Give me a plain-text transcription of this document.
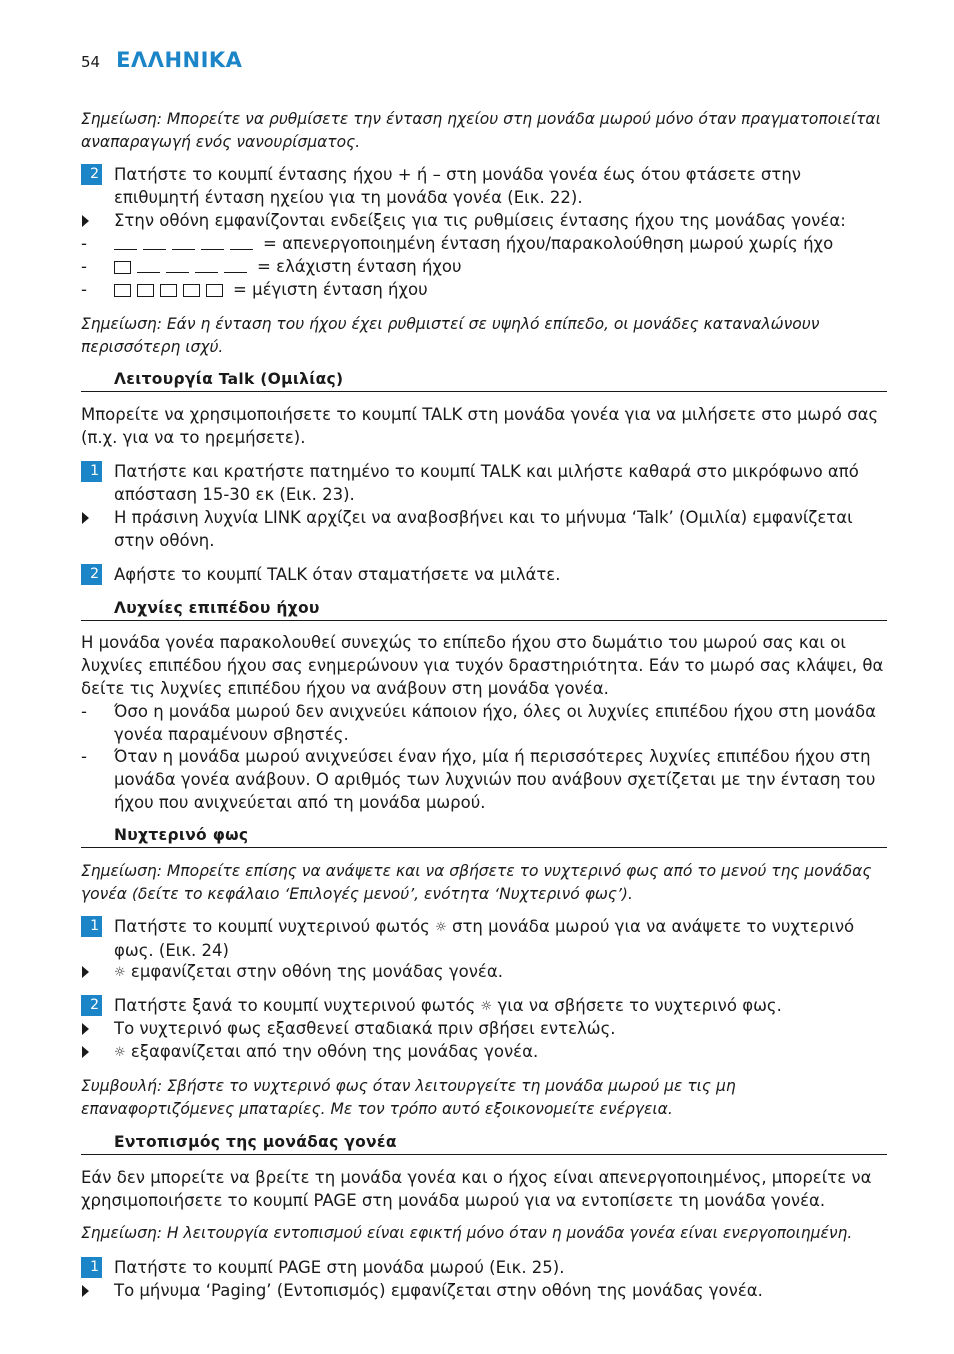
54 ΕΛΛΗΝΙΚΑ
Σημείωση: Μπορείτε να ρυθμίσετε την ένταση ηχείου στη μονάδα μωρού μόνο όταν πραγματοποιείται αναπαραγωγή ενός νανουρίσματος.
2 Πατήστε το κουμπί έντασης ήχου + ή – στη μονάδα γονέα έως ότου φτάσετε στην επιθυμητή ένταση ηχείου για τη μονάδα γονέα (Εικ. 22).
Στην οθόνη εμφανίζονται ενδείξεις για τις ρυθμίσεις έντασης ήχου της μονάδας γονέα:
-	= απενεργοποιημένη ένταση ήχου/παρακολούθηση μωρού χωρίς ήχο
-	= ελάχιστη ένταση ήχου
-	= μέγιστη ένταση ήχου
Σημείωση: Εάν η ένταση του ήχου έχει ρυθμιστεί σε υψηλό επίπεδο, οι μονάδες καταναλώνουν περισσότερη ισχύ.
Λειτουργία Talk (Ομιλίας)
Μπορείτε να χρησιμοποιήσετε το κουμπί TALK στη μονάδα γονέα για να μιλήσετε στο μωρό σας (π.χ. για να το ηρεμήσετε).
1 Πατήστε και κρατήστε πατημένο το κουμπί TALK και μιλήστε καθαρά στο μικρόφωνο από απόσταση 15-30 εκ (Εικ. 23).
Η πράσινη λυχνία LINK αρχίζει να αναβοσβήνει και το μήνυμα ‘Talk’ (Ομιλία) εμφανίζεται στην οθόνη.
2 Αφήστε το κουμπί TALK όταν σταματήσετε να μιλάτε.
Λυχνίες επιπέδου ήχου
Η μονάδα γονέα παρακολουθεί συνεχώς το επίπεδο ήχου στο δωμάτιο του μωρού σας και οι λυχνίες επιπέδου ήχου σας ενημερώνουν για τυχόν δραστηριότητα. Εάν το μωρό σας κλάψει, θα δείτε τις λυχνίες επιπέδου ήχου να ανάβουν στη μονάδα γονέα.
-	Όσο η μονάδα μωρού δεν ανιχνεύει κάποιον ήχο, όλες οι λυχνίες επιπέδου ήχου στη μονάδα γονέα παραμένουν σβηστές.
-	Όταν η μονάδα μωρού ανιχνεύσει έναν ήχο, μία ή περισσότερες λυχνίες επιπέδου ήχου στη μονάδα γονέα ανάβουν. Ο αριθμός των λυχνιών που ανάβουν σχετίζεται με την ένταση του ήχου που ανιχνεύεται από τη μονάδα μωρού.
Νυχτερινό φως
Σημείωση: Μπορείτε επίσης να ανάψετε και να σβήσετε το νυχτερινό φως από το μενού της μονάδας γονέα (δείτε το κεφάλαιο ‘Επιλογές μενού’, ενότητα ‘Νυχτερινό φως’).
1 Πατήστε το κουμπί νυχτερινού φωτός ☼ στη μονάδα μωρού για να ανάψετε το νυχτερινό φως. (Εικ. 24)
☼ εμφανίζεται στην οθόνη της μονάδας γονέα.
2 Πατήστε ξανά το κουμπί νυχτερινού φωτός ☼ για να σβήσετε το νυχτερινό φως.
Το νυχτερινό φως εξασθενεί σταδιακά πριν σβήσει εντελώς.
☼ εξαφανίζεται από την οθόνη της μονάδας γονέα.
Συμβουλή: Σβήστε το νυχτερινό φως όταν λειτουργείτε τη μονάδα μωρού με τις μη επαναφορτιζόμενες μπαταρίες. Με τον τρόπο αυτό εξοικονομείτε ενέργεια.
Εντοπισμός της μονάδας γονέα
Εάν δεν μπορείτε να βρείτε τη μονάδα γονέα και ο ήχος είναι απενεργοποιημένος, μπορείτε να χρησιμοποιήσετε το κουμπί PAGE στη μονάδα μωρού για να εντοπίσετε τη μονάδα γονέα.
Σημείωση: Η λειτουργία εντοπισμού είναι εφικτή μόνο όταν η μονάδα γονέα είναι ενεργοποιημένη.
1 Πατήστε το κουμπί PAGE στη μονάδα μωρού (Εικ. 25).
Το μήνυμα ‘Paging’ (Εντοπισμός) εμφανίζεται στην οθόνη της μονάδας γονέα.
